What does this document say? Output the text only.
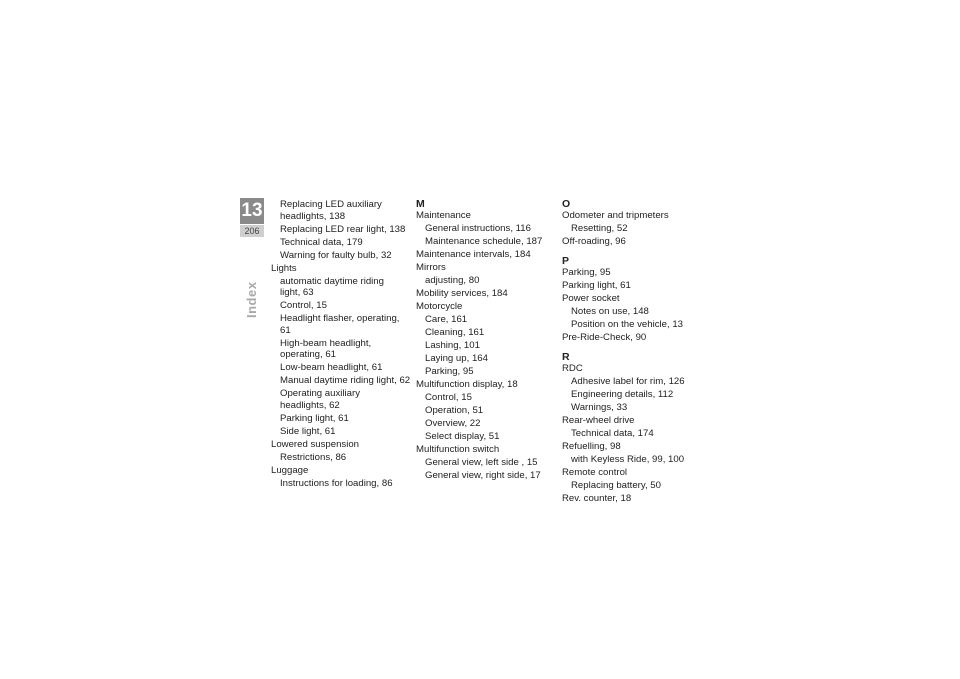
13
206
Index
Replacing LED auxiliary
headlights, 138
Replacing LED rear light, 138
Technical data, 179
Warning for faulty bulb, 32
Lights
automatic daytime riding
light, 63
Control, 15
Headlight flasher, operating, 61
High-beam headlight,
operating, 61
Low-beam headlight, 61
Manual daytime riding light, 62
Operating auxiliary
headlights, 62
Parking light, 61
Side light, 61
Lowered suspension
Restrictions, 86
Luggage
Instructions for loading, 86
M
Maintenance
General instructions, 116
Maintenance schedule, 187
Maintenance intervals, 184
Mirrors
adjusting, 80
Mobility services, 184
Motorcycle
Care, 161
Cleaning, 161
Lashing, 101
Laying up, 164
Parking, 95
Multifunction display, 18
Control, 15
Operation, 51
Overview, 22
Select display, 51
Multifunction switch
General view, left side , 15
General view, right side, 17
O
Odometer and tripmeters
Resetting, 52
Off-roading, 96
P
Parking, 95
Parking light, 61
Power socket
Notes on use, 148
Position on the vehicle, 13
Pre-Ride-Check, 90
R
RDC
Adhesive label for rim, 126
Engineering details, 112
Warnings, 33
Rear-wheel drive
Technical data, 174
Refuelling, 98
with Keyless Ride, 99, 100
Remote control
Replacing battery, 50
Rev. counter, 18
